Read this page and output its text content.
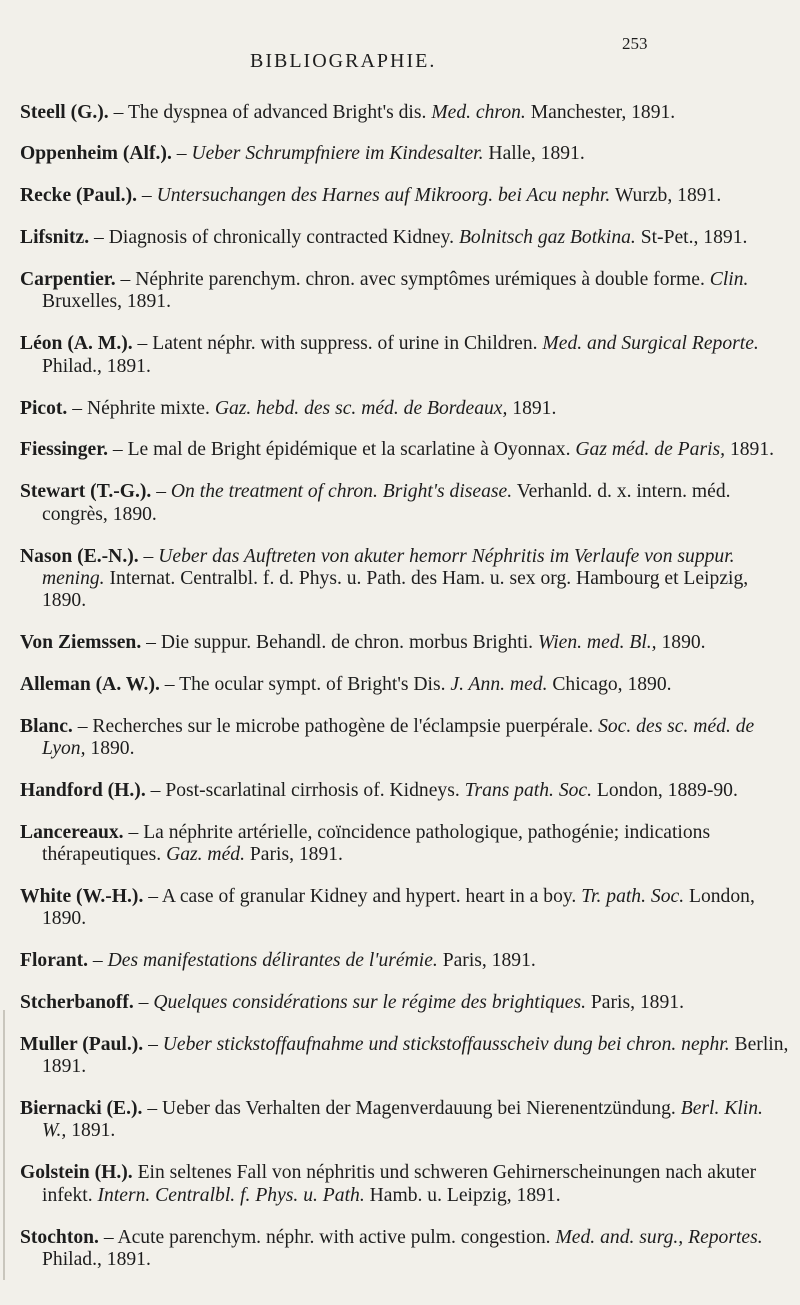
BIBLIOGRAPHIE.
253

Steell (G.). – The dyspnea of advanced Bright's dis. Med. chron. Manchester, 1891.

Oppenheim (Alf.). – Ueber Schrumpfniere im Kindesalter. Halle, 1891.

Recke (Paul.). – Untersuchangen des Harnes auf Mikroorg. bei Acu nephr. Wurzb, 1891.

Lifsnitz. – Diagnosis of chronically contracted Kidney. Bolnitsch gaz Botkina. St-Pet., 1891.

Carpentier. – Néphrite parenchym. chron. avec symptômes urémiques à double forme. Clin. Bruxelles, 1891.

Léon (A. M.). – Latent néphr. with suppress. of urine in Children. Med. and Surgical Reporte. Philad., 1891.

Picot. – Néphrite mixte. Gaz. hebd. des sc. méd. de Bordeaux, 1891.

Fiessinger. – Le mal de Bright épidémique et la scarlatine à Oyonnax. Gaz méd. de Paris, 1891.

Stewart (T.-G.). – On the treatment of chron. Bright's disease. Verhanld. d. x. intern. méd. congrès, 1890.

Nason (E.-N.). – Ueber das Auftreten von akuter hemorr Néphritis im Verlaufe von suppur. mening. Internat. Centralbl. f. d. Phys. u. Path. des Ham. u. sex org. Hambourg et Leipzig, 1890.

Von Ziemssen. – Die suppur. Behandl. de chron. morbus Brighti. Wien. med. Bl., 1890.

Alleman (A. W.). – The ocular sympt. of Bright's Dis. J. Ann. med. Chicago, 1890.

Blanc. – Recherches sur le microbe pathogène de l'éclampsie puerpérale. Soc. des sc. méd. de Lyon, 1890.

Handford (H.). – Post-scarlatinal cirrhosis of. Kidneys. Trans path. Soc. London, 1889-90.

Lancereaux. – La néphrite artérielle, coïncidence pathologique, pathogénie; indications thérapeutiques. Gaz. méd. Paris, 1891.

White (W.-H.). – A case of granular Kidney and hypert. heart in a boy. Tr. path. Soc. London, 1890.

Florant. – Des manifestations délirantes de l'urémie. Paris, 1891.

Stcherbanoff. – Quelques considérations sur le régime des brightiques. Paris, 1891.

Muller (Paul.). – Ueber stickstoffaufnahme und stickstoffausscheiv dung bei chron. nephr. Berlin, 1891.

Biernacki (E.). – Ueber das Verhalten der Magenverdauung bei Nierenentzündung. Berl. Klin. W., 1891.

Golstein (H.). Ein seltenes Fall von néphritis und schweren Gehirnerscheinungen nach akuter infekt. Intern. Centralbl. f. Phys. u. Path. Hamb. u. Leipzig, 1891.

Stochton. – Acute parenchym. néphr. with active pulm. congestion. Med. and. surg., Reportes. Philad., 1891.
